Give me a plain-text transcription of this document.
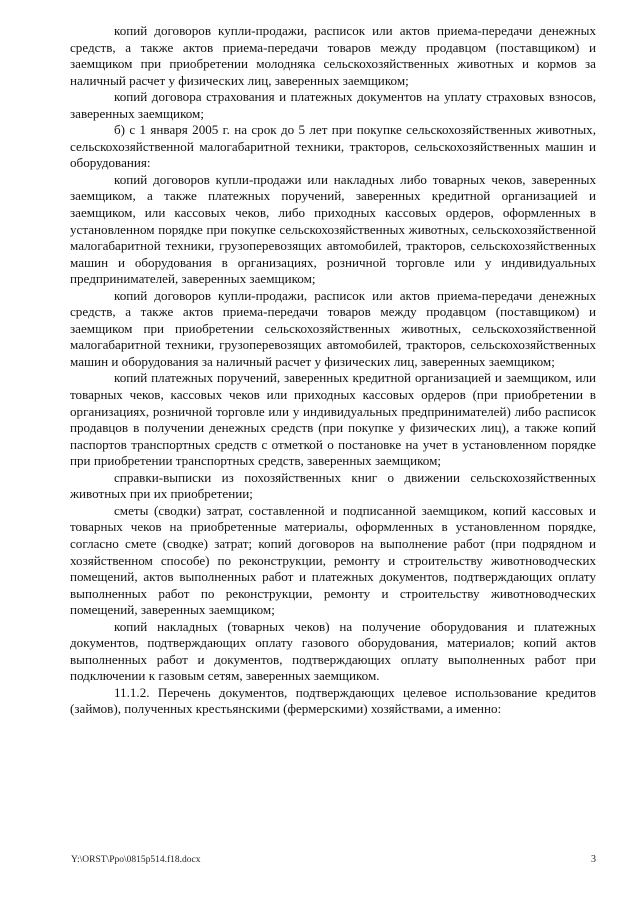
копий договоров купли-продажи, расписок или актов приема-передачи денежных средств, а также актов приема-передачи товаров между продавцом (поставщиком) и заемщиком при приобретении молодняка сельскохозяйственных животных и кормов за наличный расчет у физических лиц, заверенных заемщиком;

копий договора страхования и платежных документов на уплату страховых взносов, заверенных заемщиком;

б) с 1 января 2005 г. на срок до 5 лет при покупке сельскохозяйственных животных, сельскохозяйственной малогабаритной техники, тракторов, сельскохозяйственных машин и оборудования:

копий договоров купли-продажи или накладных либо товарных чеков, заверенных заемщиком, а также платежных поручений, заверенных кредитной организацией и заемщиком, или кассовых чеков, либо приходных кассовых ордеров, оформленных в установленном порядке при покупке сельскохозяйственных животных, сельскохозяйственной малогабаритной техники, грузоперевозящих автомобилей, тракторов, сельскохозяйственных машин и оборудования в организациях, розничной торговле или у индивидуальных предпринимателей, заверенных заемщиком;

копий договоров купли-продажи, расписок или актов приема-передачи денежных средств, а также актов приема-передачи товаров между продавцом (поставщиком) и заемщиком при приобретении сельскохозяйственных животных, сельскохозяйственной малогабаритной техники, грузоперевозящих автомобилей, тракторов, сельскохозяйственных машин и оборудования за наличный расчет у физических лиц, заверенных заемщиком;

копий платежных поручений, заверенных кредитной организацией и заемщиком, или товарных чеков, кассовых чеков или приходных кассовых ордеров (при приобретении в организациях, розничной торговле или у индивидуальных предпринимателей) либо расписок продавцов в получении денежных средств (при покупке у физических лиц), а также копий паспортов транспортных средств с отметкой о постановке на учет в установленном порядке при приобретении транспортных средств, заверенных заемщиком;

справки-выписки из похозяйственных книг о движении сельскохозяйственных животных при их приобретении;

сметы (сводки) затрат, составленной и подписанной заемщиком, копий кассовых и товарных чеков на приобретенные материалы, оформленных в установленном порядке, согласно смете (сводке) затрат; копий договоров на выполнение работ (при подрядном и хозяйственном способе) по реконструкции, ремонту и строительству животноводческих помещений, актов выполненных работ и платежных документов, подтверждающих оплату выполненных работ по реконструкции, ремонту и строительству животноводческих помещений, заверенных заемщиком;

копий накладных (товарных чеков) на получение оборудования и платежных документов, подтверждающих оплату газового оборудования, материалов; копий актов выполненных работ и документов, подтверждающих оплату выполненных работ при подключении к газовым сетям, заверенных заемщиком.

11.1.2. Перечень документов, подтверждающих целевое использование кредитов (займов), полученных крестьянскими (фермерскими) хозяйствами, а именно:

Y:\ORST\Ppo\0815p514.f18.docx	3
